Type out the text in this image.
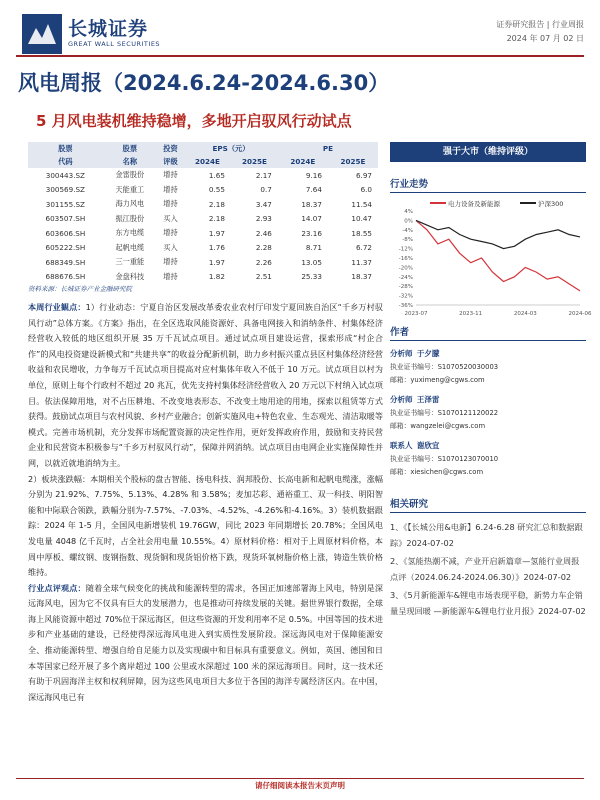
长城证券
GREAT WALL SECURITIES
证券研究报告 | 行业周报
2024 年 07 月 02 日
风电周报（2024.6.24-2024.6.30）
5 月风电装机维持稳增，多地开启驭风行动试点
股票	股票	投资	EPS（元）		PE	
代码	名称	评级	2024E	2025E	2024E	2025E
300443.SZ	金雷股份	增持	1.65	2.17	9.16	6.97
300569.SZ	天能重工	增持	0.55	0.7	7.64	6.0
301155.SZ	海力风电	增持	2.18	3.47	18.37	11.54
603507.SH	振江股份	买入	2.18	2.93	14.07	10.47
603606.SH	东方电缆	增持	1.97	2.46	23.16	18.55
605222.SH	起帆电缆	买入	1.76	2.28	8.71	6.72
688349.SH	三一重能	增持	1.97	2.26	13.05	11.37
688676.SH	金盘科技	增持	1.82	2.51	25.33	18.37
资料来源：长城证券产业金融研究院

本周行业観点：1）行业动态：宁夏自治区发展改革委农业农村厅印发宁夏回族自治区“千乡万村驭风行动”总体方案。《方案》指出，在全区选取风能资源好、具备电网接入和消纳条件、村集体经济经营收入较低的地区组织开展 35 万千瓦试点项目。通过试点项目建设运营，探索形成“村企合作”的风电投资建设新模式和“共建共享”的收益分配新机制，助力乡村振兴重点县区村集体经济经营收益和农民增收，力争每万千瓦试点项目提高对应村集体年收入不低于 10 万元。试点项目以村为单位，原则上每个行政村不超过 20 兆瓦，优先支持村集体经济经营收入 20 万元以下村纳入试点项目。依法保障用地，对不占压耕地、不改变地表形态、不改变土地用途的用地，探索以租赁等方式获得。鼓励试点项目与农村风貌、乡村产业融合；创新实施风电+特色农业、生态观光、清洁取暖等模式。完善市场机制，充分发挥市场配置资源的决定性作用，更好发挥政府作用，鼓励和支持民营企业和民营资本积极参与“千乡万村驭风行动”，保障并网消纳。试点项目由电网企业实施保障性并网，以就近就地消纳为主。

2）板块涨跌幅：本期相关个股标的盘古智能、扬电科技、润邦股份、长高电新和起帆电缆涨，涨幅分别为 21.92%、7.75%、5.13%、4.28% 和 3.58%；麦加芯彩、通裕重工、双一科技、明阳智能和中际联合领跌，跌幅分别为-7.57%、-7.03%、-4.52%、-4.26%和-4.16%。3）装机数据跟踪：2024 年 1-5 月，全国风电新增装机 19.76GW，同比 2023 年同期增长 20.78%；全国风电发电量 4048 亿千瓦时，占全社会用电量 10.55%。4）原材料价格：相对于上周原材料价格，本周中厚板、螺纹钢、废钢指数、现货铜和现货铝价格下跌，现货环氧树脂价格上涨，铸造生铁价格维持。

行业点评观点：随着全球气候变化的挑战和能源转型的需求，各国正加速部署海上风电，特别是深远海风电，因为它不仅具有巨大的发展潜力，也是推动可持续发展的关键。据世界银行数据，全球海上风能资源中超过 70%位于深远海区，但这些资源的开发利用率不足 0.5%。中国等国的技术进步和产业基础的建设，已经使得深远海风电进入到实质性发展阶段。深远海风电对于保障能源安全、推动能源转型、增强自给自足能力以及实现碳中和目标具有重要意义。例如，英国、德国和日本等国家已经开展了多个离岸超过 100 公里或水深超过 100 米的深远海项目。同时，这一技术还有助于巩固海洋主权和权利屏障，因为这些风电项目大多位于各国的海洋专属经济区内。在中国，深远海风电已有

强于大市（维持评级）
行业走势
电力设备及新能源	沪深300
4%
0%
-4%
-8%
-12%
-16%
-20%
-24%
-28%
-32%
-36%
2023-07	2023-11	2024-03	2024-06
作者
分析师 于夕朦
执业证书编号：S1070520030003
邮箱：yuximeng@cgws.com
分析师 王泽雷
执业证书编号：S1070121120022
邮箱：wangzelei@cgws.com
联系人 谢欣宜
执业证书编号：S1070123070010
邮箱：xiesichen@cgws.com
相关研究
1、《【长城公用&电新】6.24-6.28 研究汇总和数据跟踪》2024-07-02
2、《氢能热潮不减，产业开启新篇章—氢能行业周报点评（2024.06.24-2024.06.30）》2024-07-02
3、《5月新能源车&锂电市场表现平稳，新势力车企销量呈现回暖 —新能源车&锂电行业月报》2024-07-02
请仔细阅读本报告末页声明
